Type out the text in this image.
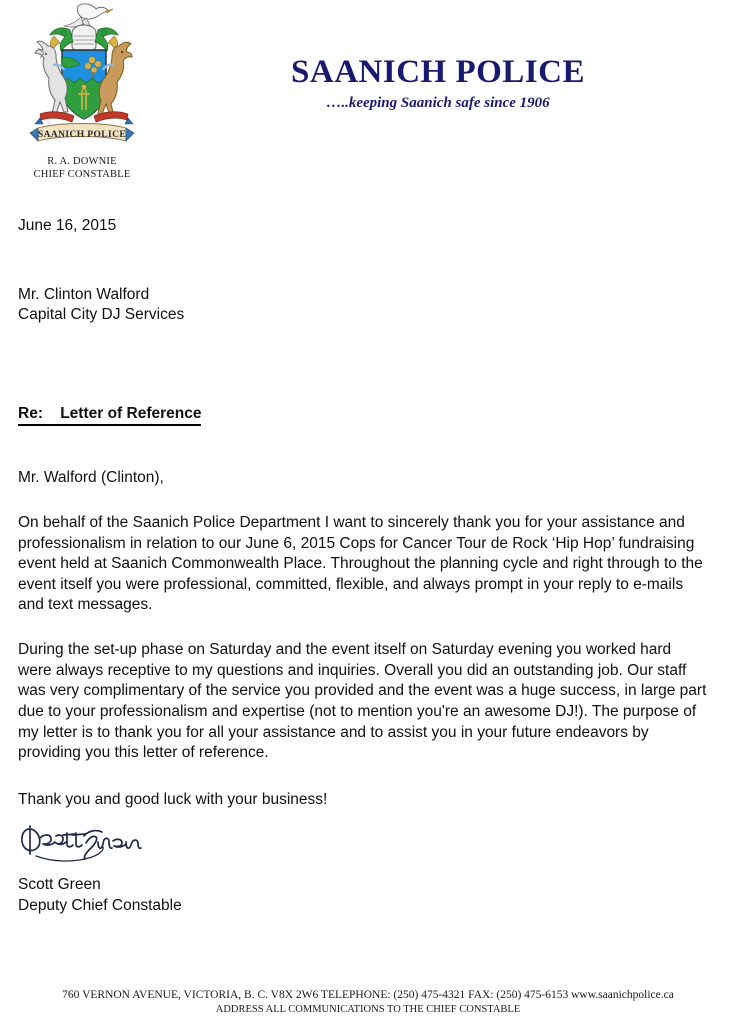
SAANICH POLICE
R. A. DOWNIE
CHIEF CONSTABLE
SAANICH POLICE
…..keeping Saanich safe since 1906
June 16, 2015
Mr. Clinton Walford
Capital City DJ Services
Re:    Letter of Reference
Mr. Walford (Clinton),
On behalf of the Saanich Police Department I want to sincerely thank you for your assistance and professionalism in relation to our June 6, 2015 Cops for Cancer Tour de Rock ‘Hip Hop’ fundraising event held at Saanich Commonwealth Place. Throughout the planning cycle and right through to the event itself you were professional, committed, flexible, and always prompt in your reply to e-mails and text messages.
During the set-up phase on Saturday and the event itself on Saturday evening you worked hard were always receptive to my questions and inquiries. Overall you did an outstanding job. Our staff was very complimentary of the service you provided and the event was a huge success, in large part due to your professionalism and expertise (not to mention you're an awesome DJ!). The purpose of my letter is to thank you for all your assistance and to assist you in your future endeavors by providing you this letter of reference.
Thank you and good luck with your business!
Scott Green
Deputy Chief Constable
760 VERNON AVENUE, VICTORIA, B. C. V8X 2W6 TELEPHONE: (250) 475-4321 FAX: (250) 475-6153 www.saanichpolice.ca
ADDRESS ALL COMMUNICATIONS TO THE CHIEF CONSTABLE
